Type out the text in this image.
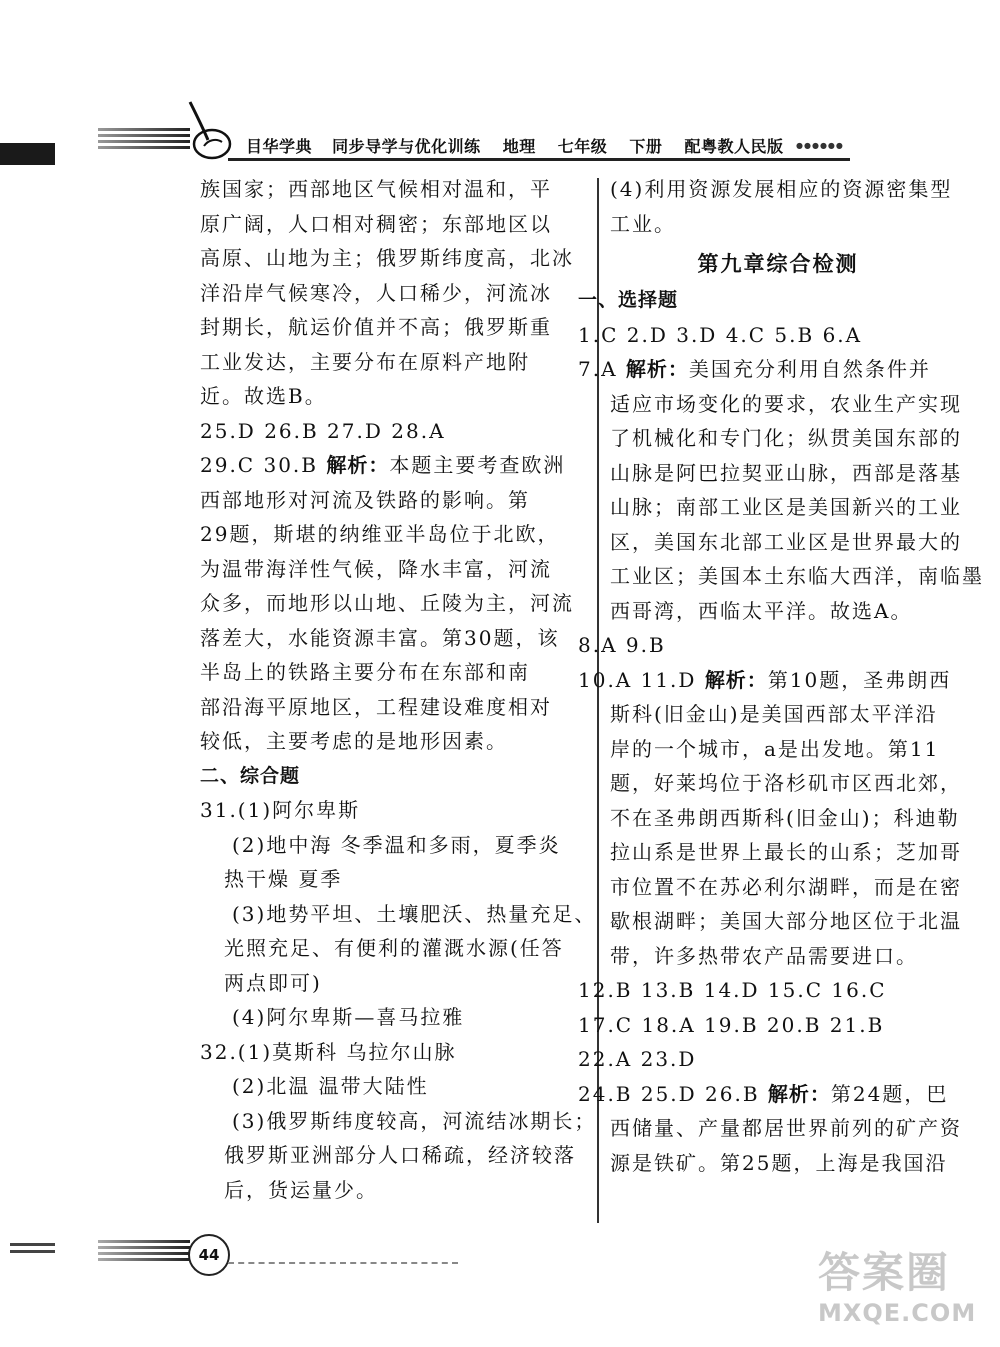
目华学典 同步导学与优化训练 地理 七年级 下册 配粤教人民版	●●●●●●
族国家；西部地区气候相对温和，平
原广阔，人口相对稠密；东部地区以
高原、山地为主；俄罗斯纬度高，北冰
洋沿岸气候寒冷，人口稀少，河流冰
封期长，航运价值并不高；俄罗斯重
工业发达，主要分布在原料产地附
近。故选B。
25.D 26.B 27.D 28.A
29.C 30.B 解析：本题主要考查欧洲
西部地形对河流及铁路的影响。第
29题，斯堪的纳维亚半岛位于北欧，
为温带海洋性气候，降水丰富，河流
众多，而地形以山地、丘陵为主，河流
落差大，水能资源丰富。第30题，该
半岛上的铁路主要分布在东部和南
部沿海平原地区，工程建设难度相对
较低，主要考虑的是地形因素。
二、综合题
31.(1)阿尔卑斯
(2)地中海 冬季温和多雨，夏季炎
热干燥 夏季
(3)地势平坦、土壤肥沃、热量充足、
光照充足、有便利的灌溉水源(任答
两点即可)
(4)阿尔卑斯—喜马拉雅
32.(1)莫斯科 乌拉尔山脉
(2)北温 温带大陆性
(3)俄罗斯纬度较高，河流结冰期长；
俄罗斯亚洲部分人口稀疏，经济较落
后，货运量少。
(4)利用资源发展相应的资源密集型
工业。
第九章综合检测
一、选择题
1.C 2.D 3.D 4.C 5.B 6.A
7.A 解析：美国充分利用自然条件并
适应市场变化的要求，农业生产实现
了机械化和专门化；纵贯美国东部的
山脉是阿巴拉契亚山脉，西部是落基
山脉；南部工业区是美国新兴的工业
区，美国东北部工业区是世界最大的
工业区；美国本土东临大西洋，南临墨
西哥湾，西临太平洋。故选A。
8.A 9.B
10.A 11.D 解析：第10题，圣弗朗西
斯科(旧金山)是美国西部太平洋沿
岸的一个城市，a是出发地。第11
题，好莱坞位于洛杉矶市区西北郊，
不在圣弗朗西斯科(旧金山)；科迪勒
拉山系是世界上最长的山系；芝加哥
市位置不在苏必利尔湖畔，而是在密
歇根湖畔；美国大部分地区位于北温
带，许多热带农产品需要进口。
12.B 13.B 14.D 15.C 16.C
17.C 18.A 19.B 20.B 21.B
22.A 23.D
24.B 25.D 26.B 解析：第24题，巴
西储量、产量都居世界前列的矿产资
源是铁矿。第25题，上海是我国沿
44	答案圈
MXQE.COM
